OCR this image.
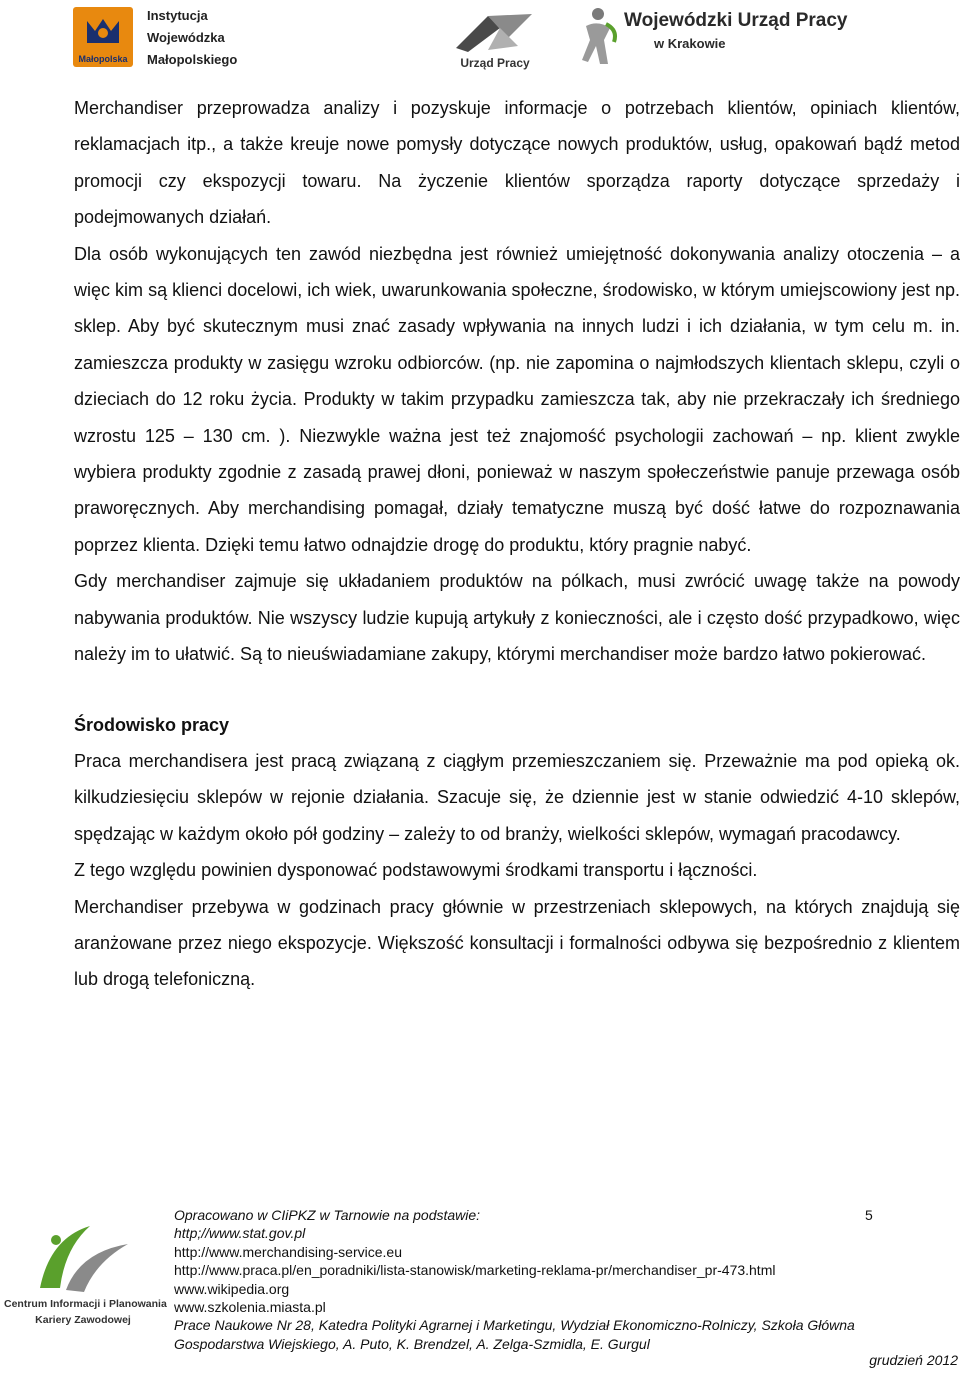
Małopolska
Instytucja
Wojewódzka
Małopolskiego	Urząd Pracy
Wojewódzki Urząd Pracy
w Krakowie

Merchandiser przeprowadza analizy i pozyskuje informacje o potrzebach klientów, opiniach klientów, reklamacjach itp., a także kreuje nowe pomysły dotyczące nowych produktów, usług, opakowań bądź metod promocji czy ekspozycji towaru. Na życzenie klientów sporządza raporty dotyczące sprzedaży i podejmowanych działań.

Dla osób wykonujących ten zawód niezbędna jest również umiejętność dokonywania analizy otoczenia – a więc kim są klienci docelowi, ich wiek, uwarunkowania społeczne, środowisko, w którym umiejscowiony jest np. sklep. Aby być skutecznym musi znać zasady wpływania na innych ludzi i ich działania, w tym celu m. in. zamieszcza produkty w zasięgu wzroku odbiorców. (np. nie zapomina o najmłodszych klientach sklepu, czyli o dzieciach do 12 roku życia. Produkty w takim przypadku zamieszcza tak, aby nie przekraczały ich średniego wzrostu 125 – 130 cm. ). Niezwykle ważna jest też znajomość psychologii zachowań – np. klient zwykle wybiera produkty zgodnie z zasadą prawej dłoni, ponieważ w naszym społeczeństwie panuje przewaga osób praworęcznych. Aby merchandising pomagał, działy tematyczne muszą być dość łatwe do rozpoznawania poprzez klienta. Dzięki temu łatwo odnajdzie drogę do produktu, który pragnie nabyć.

Gdy merchandiser zajmuje się układaniem produktów na pólkach, musi zwrócić uwagę także na powody nabywania produktów. Nie wszyscy ludzie kupują artykuły z konieczności, ale i często dość przypadkowo, więc należy im to ułatwić. Są to nieuświadamiane zakupy, którymi merchandiser może bardzo łatwo pokierować.

Środowisko pracy

Praca merchandisera jest pracą związaną z ciągłym przemieszczaniem się. Przeważnie ma pod opieką ok. kilkudziesięciu sklepów w rejonie działania. Szacuje się, że dziennie jest w stanie odwiedzić 4-10 sklepów, spędzając w każdym około pół godziny – zależy to od branży, wielkości sklepów, wymagań pracodawcy.

Z tego względu powinien dysponować podstawowymi środkami transportu i łączności.

Merchandiser przebywa w godzinach pracy głównie w przestrzeniach sklepowych, na których znajdują się aranżowane przez niego ekspozycje. Większość konsultacji i formalności odbywa się bezpośrednio z klientem lub drogą telefoniczną.

Centrum Informacji i Planowania
Kariery Zawodowej
Opracowano w CIiPKZ w Tarnowie na podstawie:
http;//www.stat.gov.pl
http://www.merchandising-service.eu
http://www.praca.pl/en_poradniki/lista-stanowisk/marketing-reklama-pr/merchandiser_pr-473.html
www.wikipedia.org
www.szkolenia.miasta.pl
Prace Naukowe Nr 28, Katedra Polityki Agrarnej i Marketingu, Wydział Ekonomiczno-Rolniczy, Szkoła Główna
Gospodarstwa Wiejskiego, A. Puto, K. Brendzel, A. Zelga-Szmidla, E. Gurgul
5
grudzień 2012
